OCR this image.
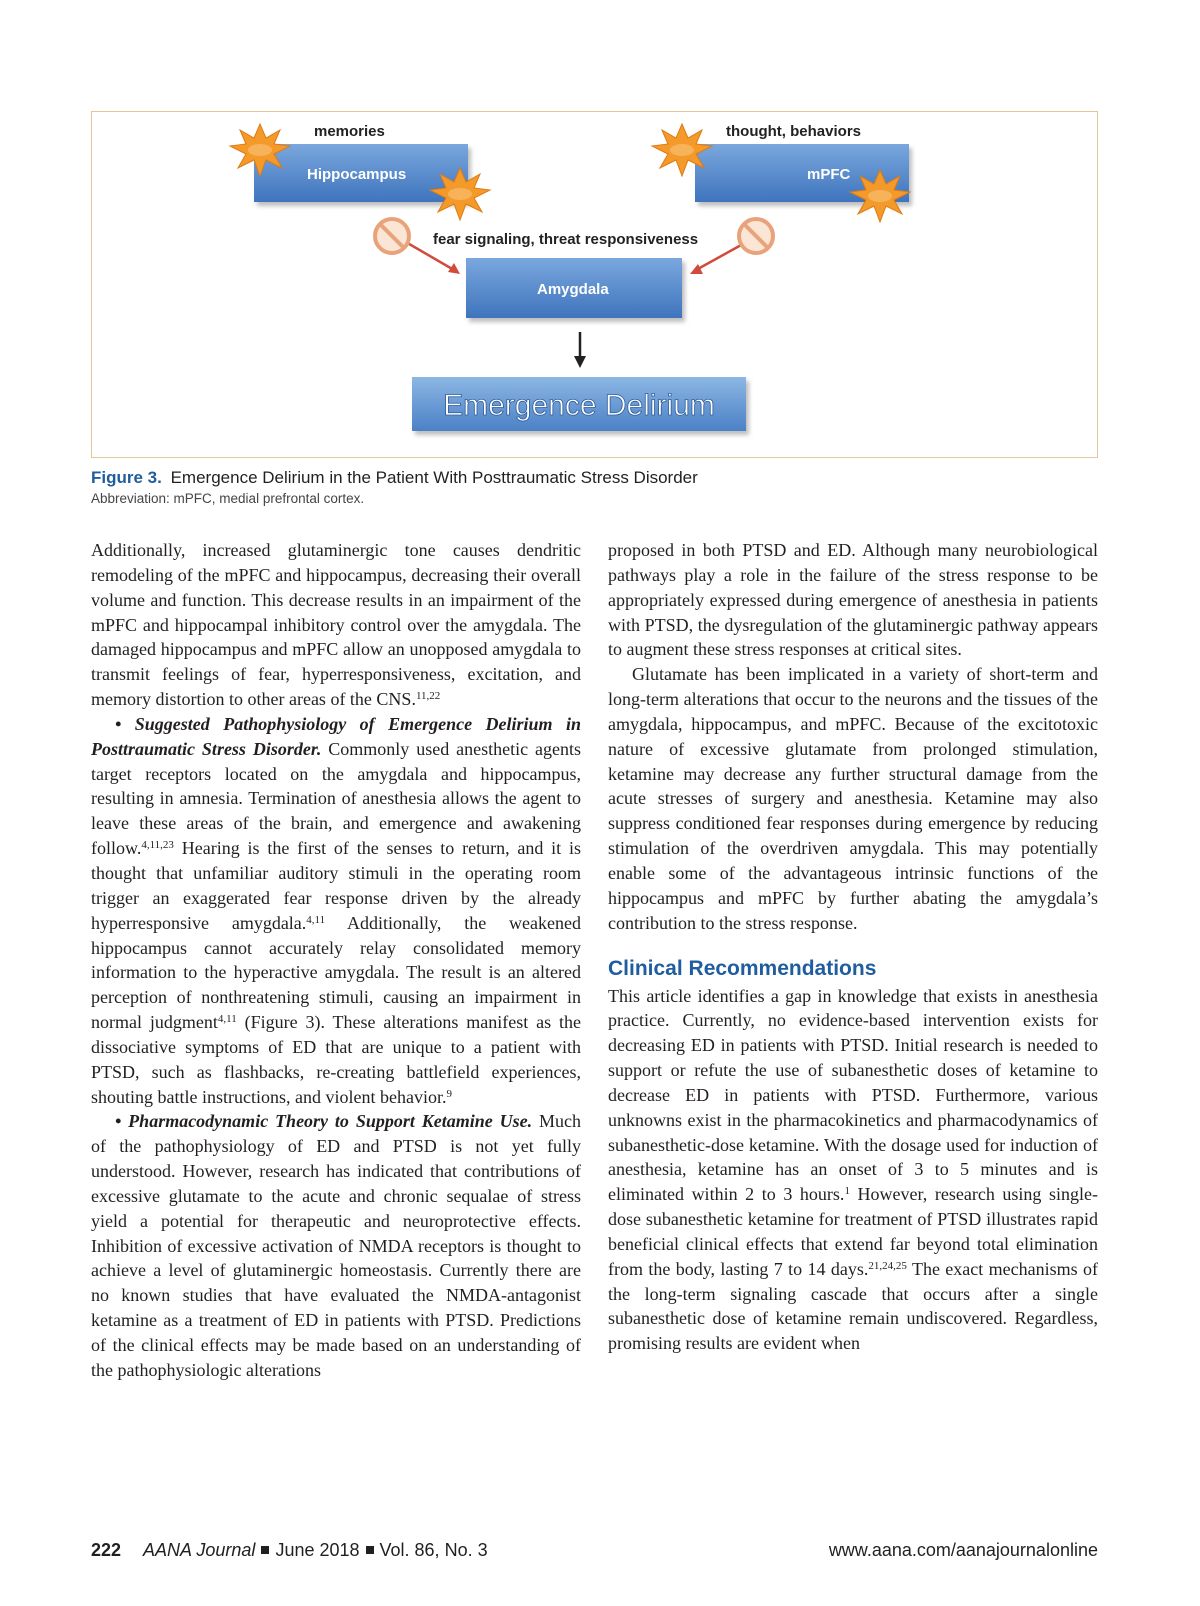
Hippocampus
memories
mPFC
thought, behaviors
fear signaling, threat responsiveness
Amygdala
Emergence Delirium
Figure 3. Emergence Delirium in the Patient With Posttraumatic Stress Disorder
Abbreviation: mPFC, medial prefrontal cortex.

Additionally, increased glutaminergic tone causes dendritic remodeling of the mPFC and hippocampus, decreasing their overall volume and function. This decrease results in an impairment of the mPFC and hippocampal inhibitory control over the amygdala. The damaged hippocampus and mPFC allow an unopposed amygdala to transmit feelings of fear, hyperresponsiveness, excitation, and memory distortion to other areas of the CNS.$^{11,22}$

• Suggested Pathophysiology of Emergence Delirium in Posttraumatic Stress Disorder. Commonly used anesthetic agents target receptors located on the amygdala and hippocampus, resulting in amnesia. Termination of anesthesia allows the agent to leave these areas of the brain, and emergence and awakening follow.$^{4,11,23}$ Hearing is the first of the senses to return, and it is thought that unfamiliar auditory stimuli in the operating room trigger an exaggerated fear response driven by the already hyperresponsive amygdala.$^{4,11}$ Additionally, the weakened hippocampus cannot accurately relay consolidated memory information to the hyperactive amygdala. The result is an altered perception of nonthreatening stimuli, causing an impairment in normal judgment$^{4,11}$ (Figure 3). These alterations manifest as the dissociative symptoms of ED that are unique to a patient with PTSD, such as flashbacks, re-creating battlefield experiences, shouting battle instructions, and violent behavior.$^9$

• Pharmacodynamic Theory to Support Ketamine Use. Much of the pathophysiology of ED and PTSD is not yet fully understood. However, research has indicated that contributions of excessive glutamate to the acute and chronic sequalae of stress yield a potential for therapeutic and neuroprotective effects. Inhibition of excessive activation of NMDA receptors is thought to achieve a level of glutaminergic homeostasis. Currently there are no known studies that have evaluated the NMDA-antagonist ketamine as a treatment of ED in patients with PTSD. Predictions of the clinical effects may be made based on an understanding of the pathophysiologic alterations

proposed in both PTSD and ED. Although many neurobiological pathways play a role in the failure of the stress response to be appropriately expressed during emergence of anesthesia in patients with PTSD, the dysregulation of the glutaminergic pathway appears to augment these stress responses at critical sites.

Glutamate has been implicated in a variety of short-term and long-term alterations that occur to the neurons and the tissues of the amygdala, hippocampus, and mPFC. Because of the excitotoxic nature of excessive glutamate from prolonged stimulation, ketamine may decrease any further structural damage from the acute stresses of surgery and anesthesia. Ketamine may also suppress conditioned fear responses during emergence by reducing stimulation of the overdriven amygdala. This may potentially enable some of the advantageous intrinsic functions of the hippocampus and mPFC by further abating the amygdala’s contribution to the stress response.

Clinical Recommendations

This article identifies a gap in knowledge that exists in anesthesia practice. Currently, no evidence-based intervention exists for decreasing ED in patients with PTSD. Initial research is needed to support or refute the use of subanesthetic doses of ketamine to decrease ED in patients with PTSD. Furthermore, various unknowns exist in the pharmacokinetics and pharmacodynamics of subanesthetic-dose ketamine. With the dosage used for induction of anesthesia, ketamine has an onset of 3 to 5 minutes and is eliminated within 2 to 3 hours.$^1$ However, research using single-dose subanesthetic ketamine for treatment of PTSD illustrates rapid beneficial clinical effects that extend far beyond total elimination from the body, lasting 7 to 14 days.$^{21,24,25}$ The exact mechanisms of the long-term signaling cascade that occurs after a single subanesthetic dose of ketamine remain undiscovered. Regardless, promising results are evident when

222 AANA Journal June 2018 Vol. 86, No. 3	www.aana.com/aanajournalonline
